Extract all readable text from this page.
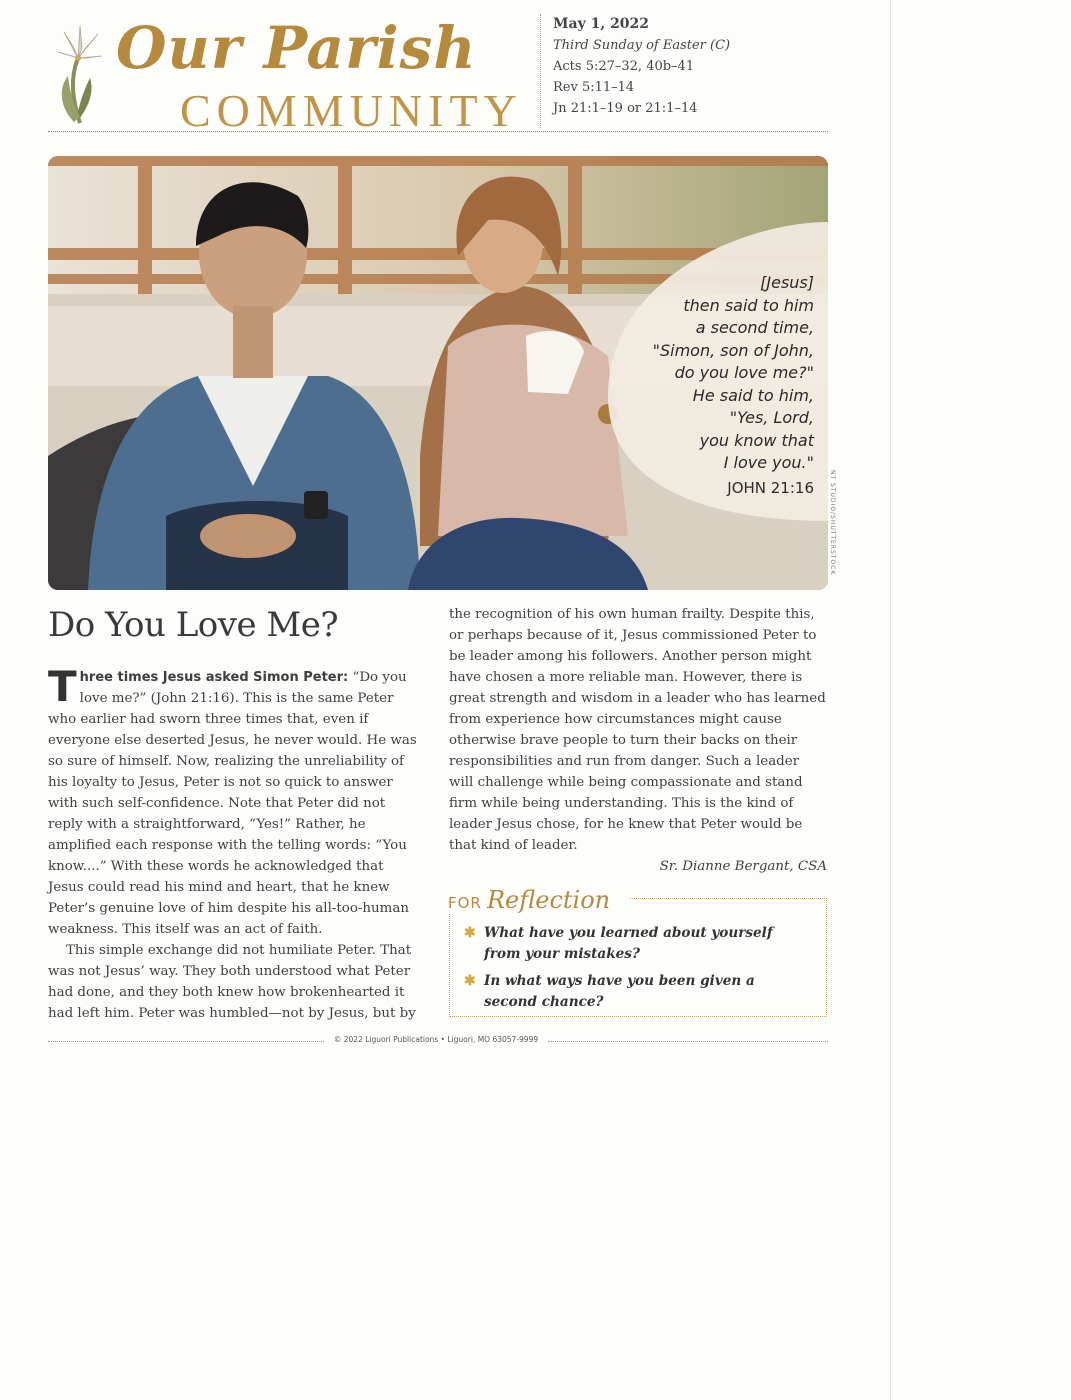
Our Parish
COMMUNITY
May 1, 2022
Third Sunday of Easter (C)
Acts 5:27–32, 40b–41
Rev 5:11–14
Jn 21:1–19 or 21:1–14
[Jesus]
then said to him
a second time,
"Simon, son of John,
do you love me?"
He said to him,
"Yes, Lord,
you know that
I love you."
JOHN 21:16	NT STUDIO/SHUTTERSTOCK
Do You Love Me?

Three times Jesus asked Simon Peter: “Do you love me?” (John 21:16). This is the same Peter who earlier had sworn three times that, even if everyone else deserted Jesus, he never would. He was so sure of himself. Now, realizing the unreliability of his loyalty to Jesus, Peter is not so quick to answer with such self-confidence. Note that Peter did not reply with a straightforward, “Yes!” Rather, he amplified each response with the telling words: “You know....” With these words he acknowledged that Jesus could read his mind and heart, that he knew Peter’s genuine love of him despite his all-too-human weakness. This itself was an act of faith.

This simple exchange did not humiliate Peter. That was not Jesus’ way. They both understood what Peter had done, and they both knew how brokenhearted it had left him. Peter was humbled—not by Jesus, but by

the recognition of his own human frailty. Despite this, or perhaps because of it, Jesus commissioned Peter to be leader among his followers. Another person might have chosen a more reliable man. However, there is great strength and wisdom in a leader who has learned from experience how circumstances might cause otherwise brave people to turn their backs on their responsibilities and run from danger. Such a leader will challenge while being compassionate and stand firm while being understanding. This is the kind of leader Jesus chose, for he knew that Peter would be that kind of leader.

Sr. Dianne Bergant, CSA

FOR Reflection
✱ What have you learned about yourself from your mistakes?
✱ In what ways have you been given a second chance?
© 2022 Liguori Publications • Liguori, MO 63057-9999
